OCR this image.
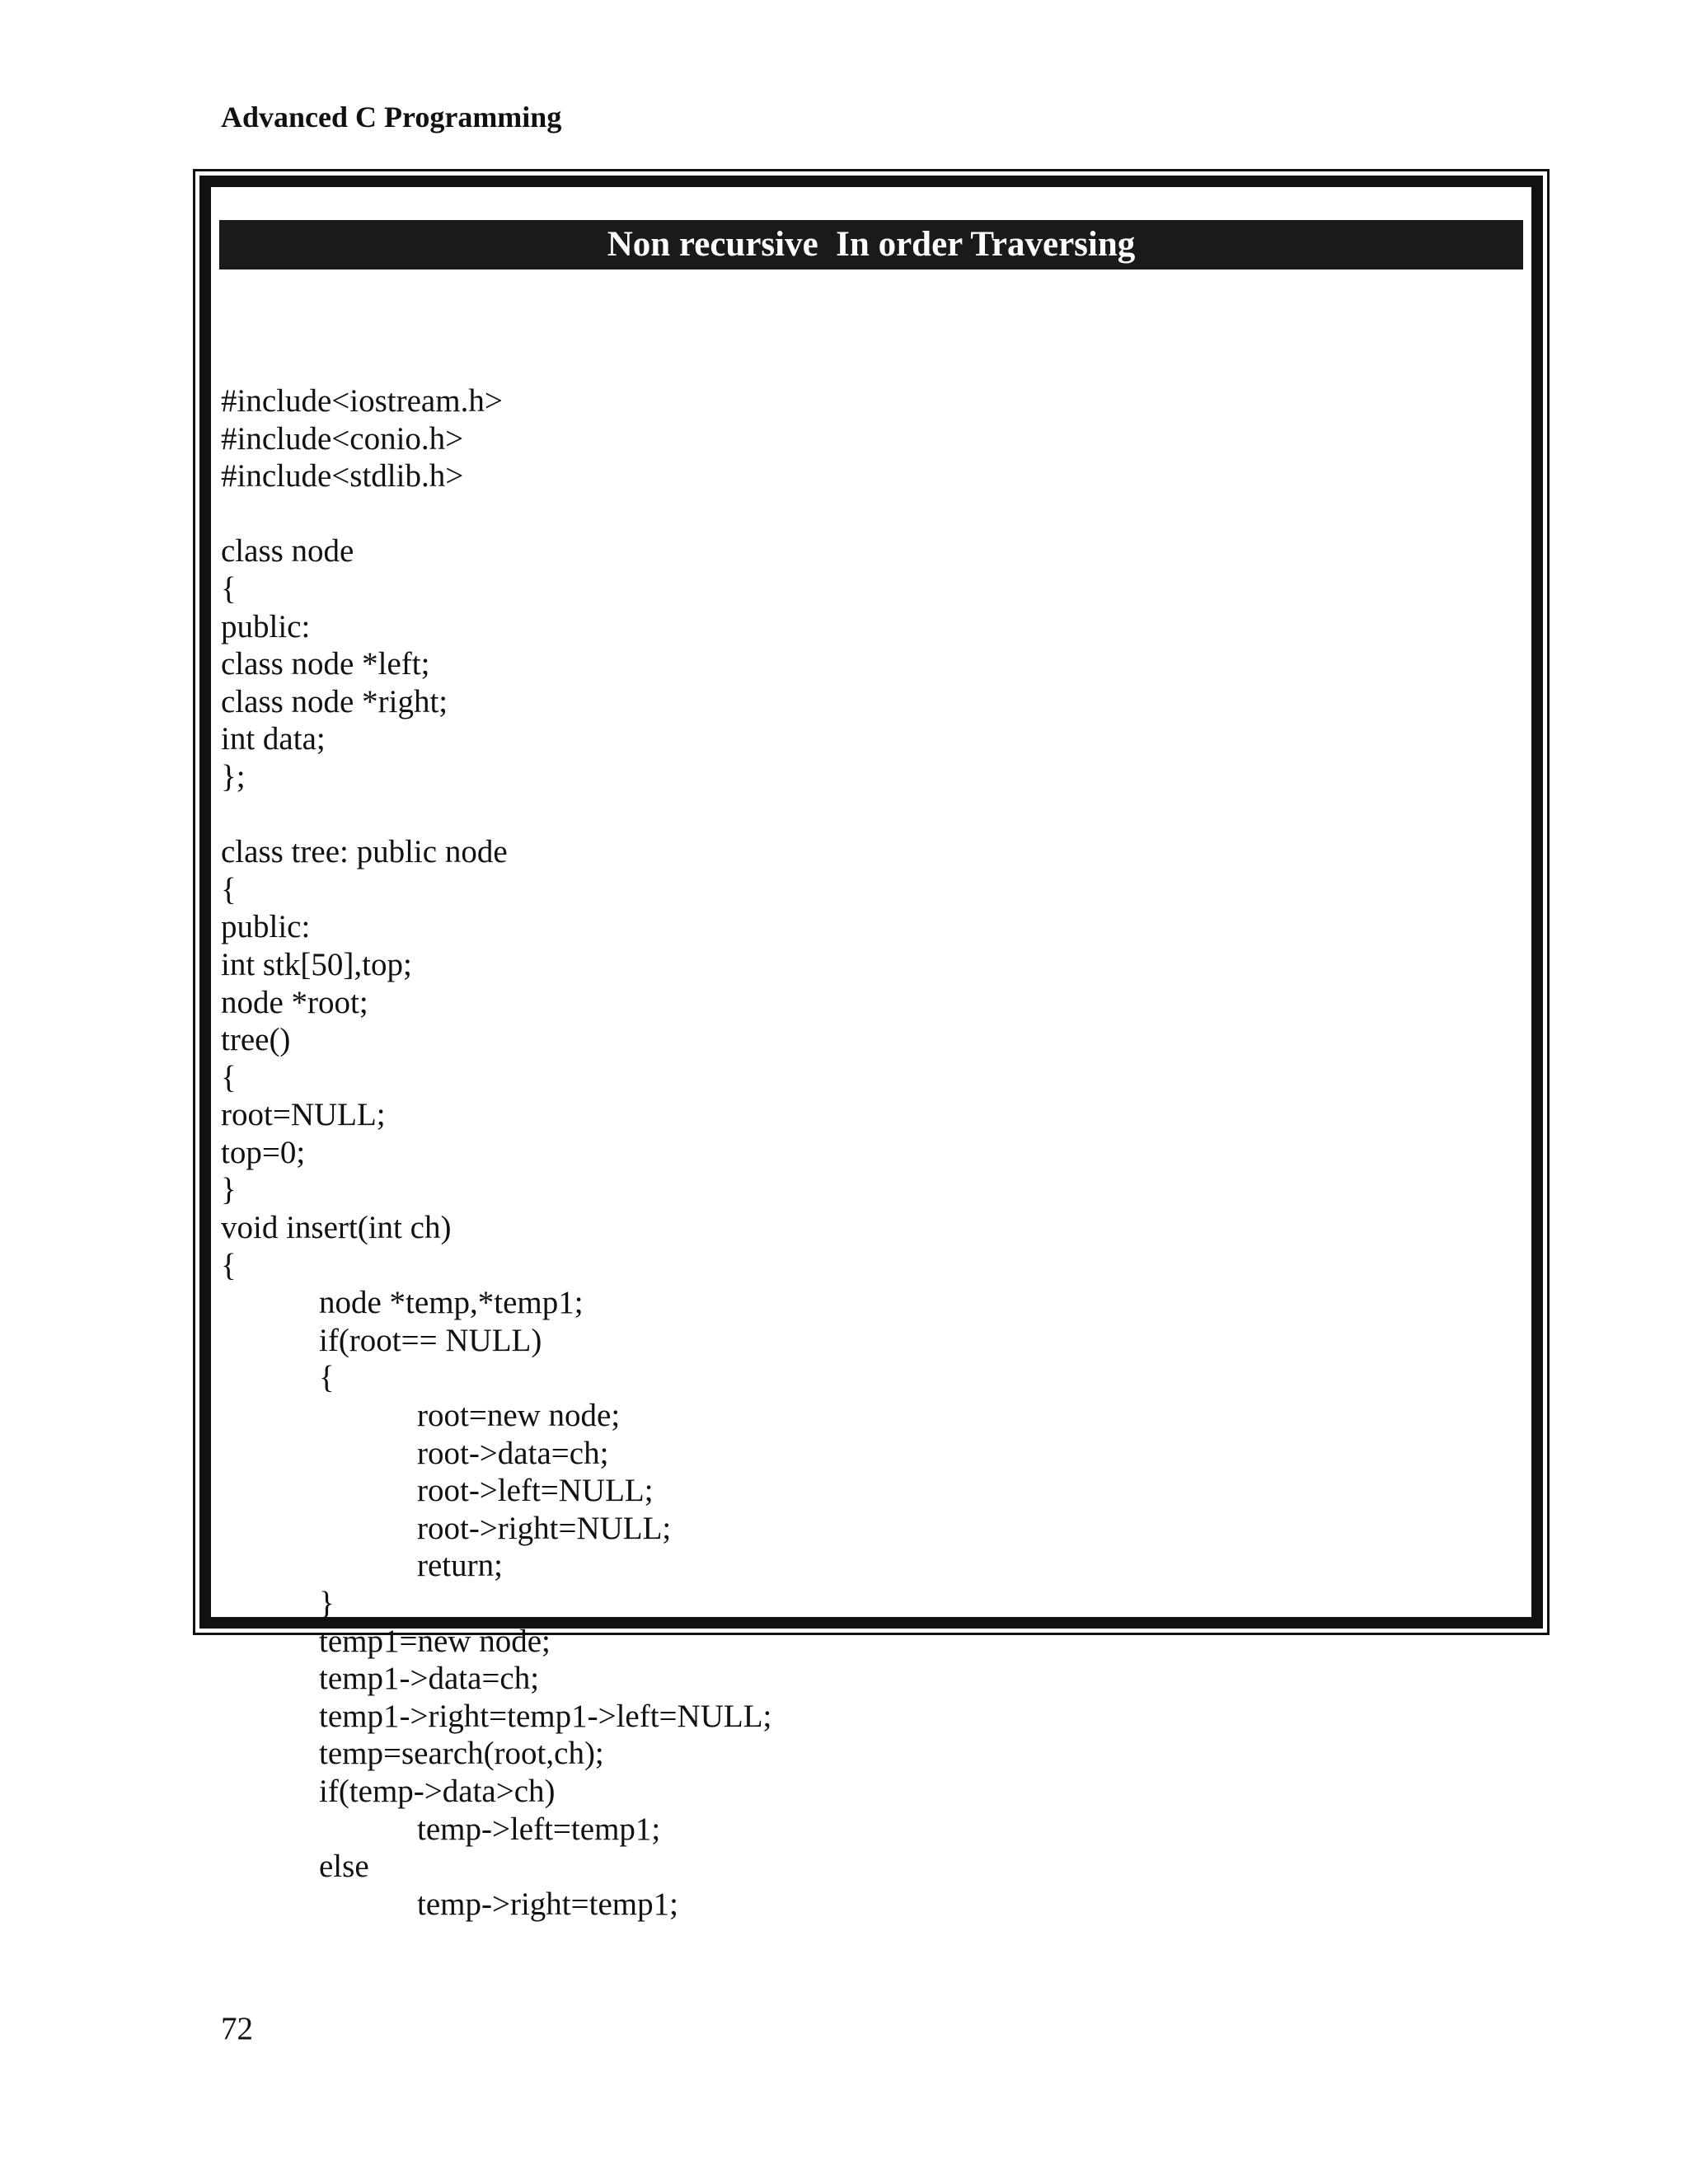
Advanced C Programming
Non recursive  In order Traversing
#include<iostream.h>
#include<conio.h>
#include<stdlib.h>
class node
{
public:
class node *left;
class node *right;
int data;
};
class tree: public node
{
public:
int stk[50],top;
node *root;
tree()
{
root=NULL;
top=0;
}
void insert(int ch)
{
node *temp,*temp1;
if(root== NULL)
{
root=new node;
root->data=ch;
root->left=NULL;
root->right=NULL;
return;
}
temp1=new node;
temp1->data=ch;
temp1->right=temp1->left=NULL;
temp=search(root,ch);
if(temp->data>ch)
temp->left=temp1;
else
temp->right=temp1;
72
